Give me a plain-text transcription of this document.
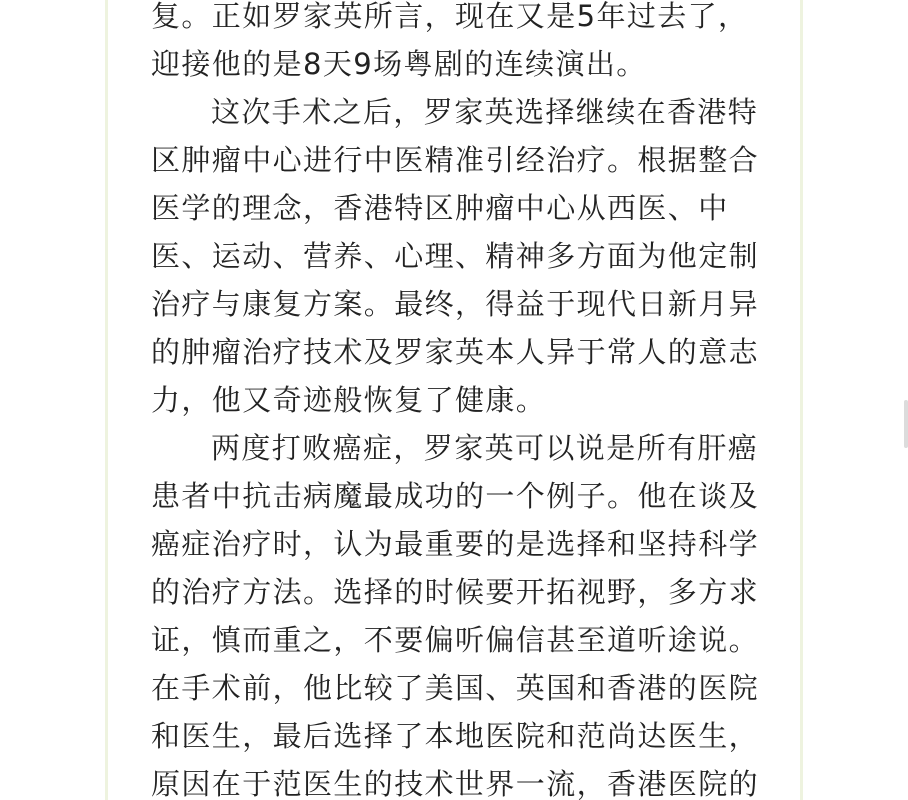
复。正如罗家英所言，现在又是5年过去了，
迎接他的是8天9场粤剧的连续演出。
这次手术之后，罗家英选择继续在香港特
区肿瘤中心进行中医精准引经治疗。根据整合
医学的理念，香港特区肿瘤中心从西医、中
医、运动、营养、心理、精神多方面为他定制
治疗与康复方案。最终，得益于现代日新月异
的肿瘤治疗技术及罗家英本人异于常人的意志
力，他又奇迹般恢复了健康。
两度打败癌症，罗家英可以说是所有肝癌
患者中抗击病魔最成功的一个例子。他在谈及
癌症治疗时，认为最重要的是选择和坚持科学
的治疗方法。选择的时候要开拓视野，多方求
证，慎而重之，不要偏听偏信甚至道听途说。
在手术前，他比较了美国、英国和香港的医院
和医生，最后选择了本地医院和范尚达医生，
原因在于范医生的技术世界一流，香港医院的
